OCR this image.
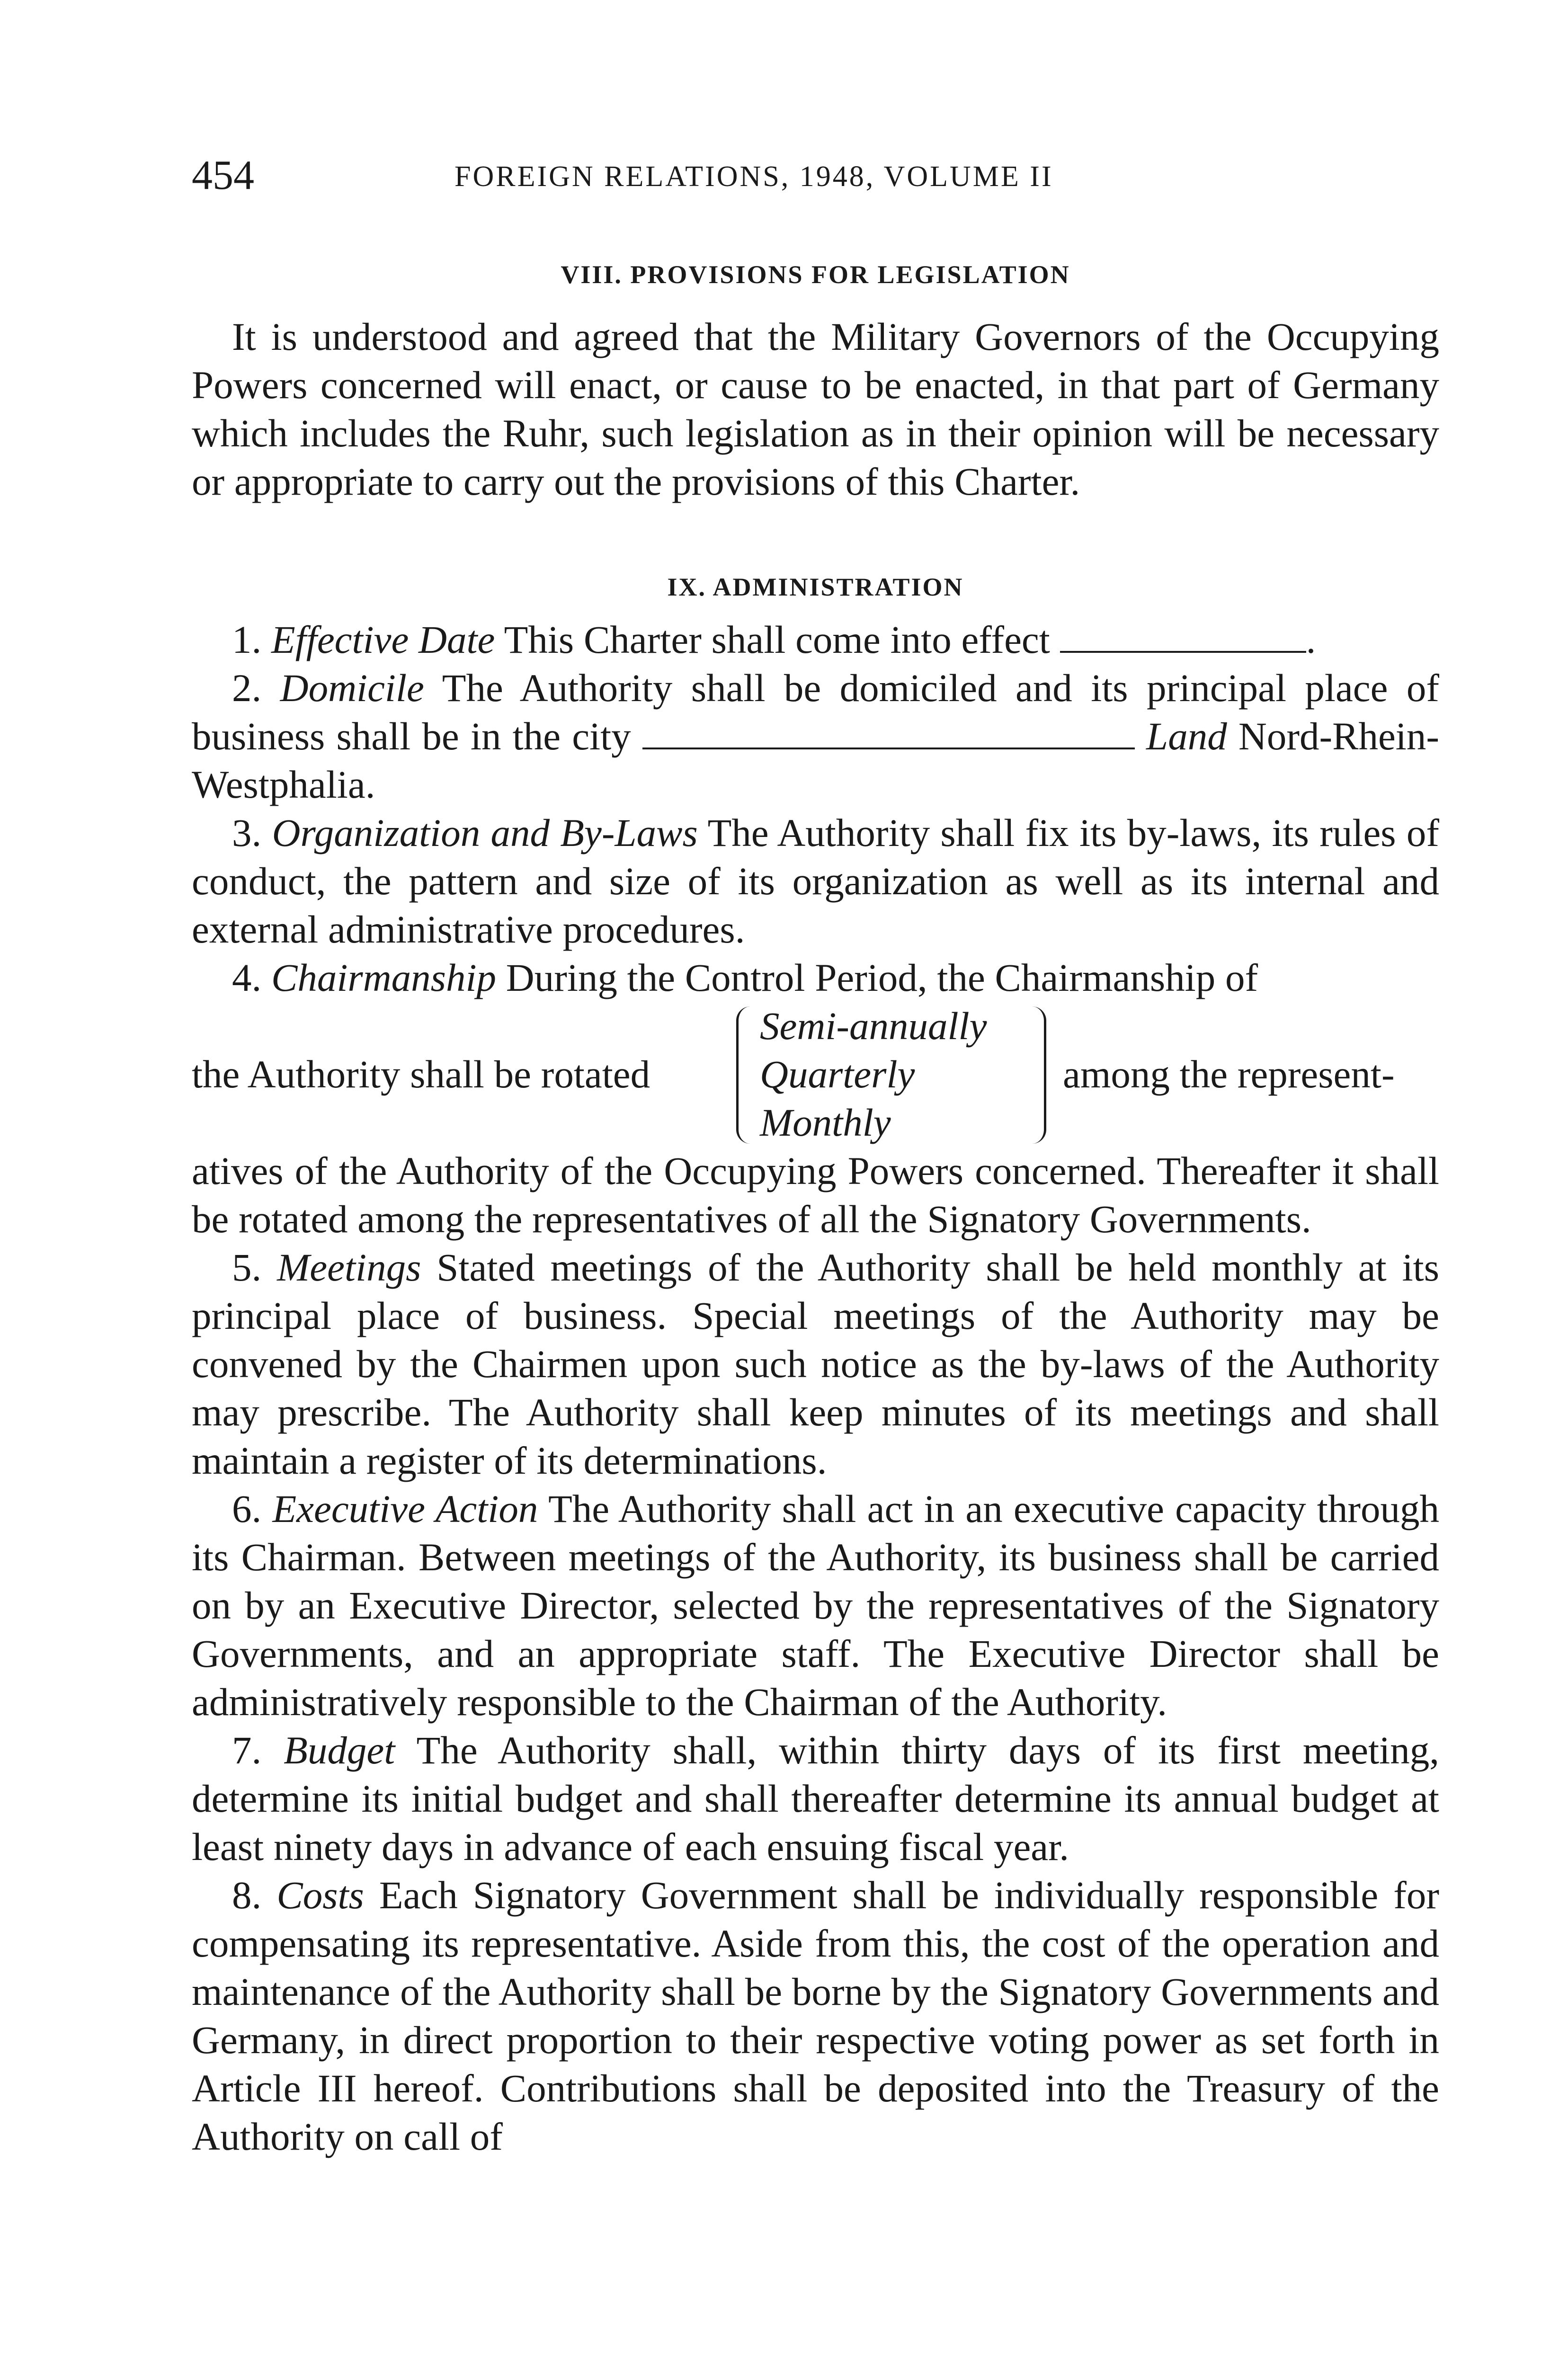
454	FOREIGN RELATIONS, 1948, VOLUME II
VIII. PROVISIONS FOR LEGISLATION

It is understood and agreed that the Military Governors of the Occupying Powers concerned will enact, or cause to be enacted, in that part of Germany which includes the Ruhr, such legislation as in their opinion will be necessary or appropriate to carry out the provisions of this Charter.

IX. ADMINISTRATION

1. Effective Date This Charter shall come into effect	.

2. Domicile The Authority shall be domiciled and its principal place of business shall be in the city	Land Nord-Rhein-Westphalia.

3. Organization and By-Laws The Authority shall fix its by-laws, its rules of conduct, the pattern and size of its organization as well as its internal and external administrative procedures.

4. Chairmanship During the Control Period, the Chairmanship of

the Authority shall be rotated
Semi-annually
Quarterly
Monthly
among the represent-
atives of the Authority of the Occupying Powers concerned. Thereafter it shall be rotated among the representatives of all the Signatory Governments.

5. Meetings Stated meetings of the Authority shall be held monthly at its principal place of business. Special meetings of the Authority may be convened by the Chairmen upon such notice as the by-laws of the Authority may prescribe. The Authority shall keep minutes of its meetings and shall maintain a register of its determinations.

6. Executive Action The Authority shall act in an executive capacity through its Chairman. Between meetings of the Authority, its business shall be carried on by an Executive Director, selected by the representatives of the Signatory Governments, and an appropriate staff. The Executive Director shall be administratively responsible to the Chairman of the Authority.

7. Budget The Authority shall, within thirty days of its first meeting, determine its initial budget and shall thereafter determine its annual budget at least ninety days in advance of each ensuing fiscal year.

8. Costs Each Signatory Government shall be individually responsible for compensating its representative. Aside from this, the cost of the operation and maintenance of the Authority shall be borne by the Signatory Governments and Germany, in direct proportion to their respective voting power as set forth in Article III hereof. Contributions shall be deposited into the Treasury of the Authority on call of
